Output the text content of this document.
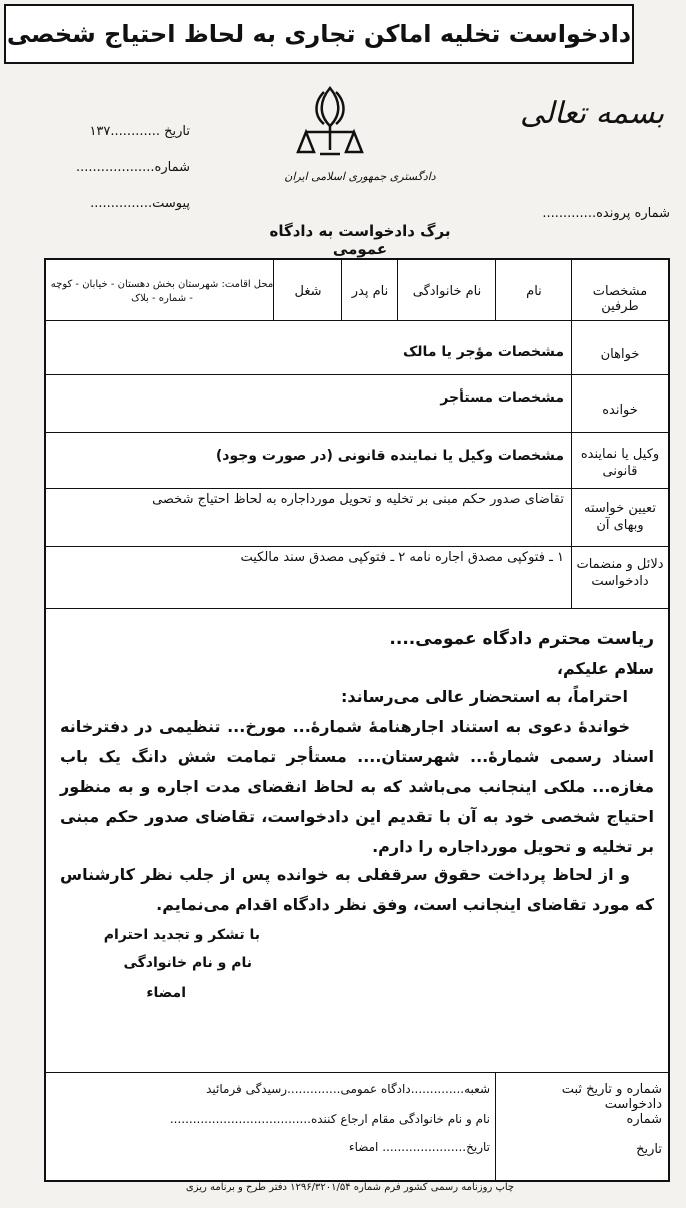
دادخواست تخلیه اماکن تجاری به لحاظ احتیاج شخصی
تاریخ ............۱۳۷
شماره...................
پیوست...............
دادگستری جمهوری اسلامی ایران
بسمه تعالی
شماره پرونده.............
برگ دادخواست به دادگاه عمومی
مشخصات طرفین
نام
نام خانوادگی
نام پدر
شغل
محل اقامت: شهرستان بخش دهستان - خیابان - کوچه - شماره - بلاک
خواهان
مشخصات مؤجر یا مالک
خوانده
مشخصات مستأجر
وکیل یا نماینده قانونی
مشخصات وکیل یا نماینده قانونی (در صورت وجود)
تعیین خواسته وبهای آن
تقاضای صدور حکم مبنی بر تخلیه و تحویل مورداجاره به لحاظ احتیاج شخصی
دلائل و منضمات دادخواست
۱ ـ فتوکپی مصدق اجاره نامه ۲ ـ فتوکپی مصدق سند مالکیت
ریاست محترم دادگاه عمومی....
سلام علیکم،
احتراماً، به استحضار عالی می‌رساند:
خواندهٔ دعوی به استناد اجارهنامهٔ شمارهٔ... مورخ... تنظیمی در دفترخانه اسناد رسمی شمارهٔ... شهرستان.... مستأجر تمامت شش دانگ یک باب مغازه... ملکی اینجانب می‌باشد که به لحاظ انقضای مدت اجاره و به منظور احتیاج شخصی خود به آن با تقدیم این دادخواست، تقاضای صدور حکم مبنی بر تخلیه و تحویل مورداجاره را دارم.
و از لحاظ پرداخت حقوق سرقفلی به خوانده پس از جلب نظر کارشناس که مورد تقاضای اینجانب است، وفق نظر دادگاه اقدام می‌نمایم.
با تشکر و تجدید احترام
نام و نام خانوادگی
امضاء
شماره و تاریخ ثبت دادخواست
شماره
تاریخ
شعبه..............دادگاه عمومی..............رسیدگی فرمائید
نام و نام خانوادگی مقام ارجاع کننده.....................................
تاریخ...................... امضاء
چاپ روزنامه رسمی کشور فرم شماره ۱۲۹۶/۳۲۰۱/۵۴ دفتر طرح و برنامه ریزی
